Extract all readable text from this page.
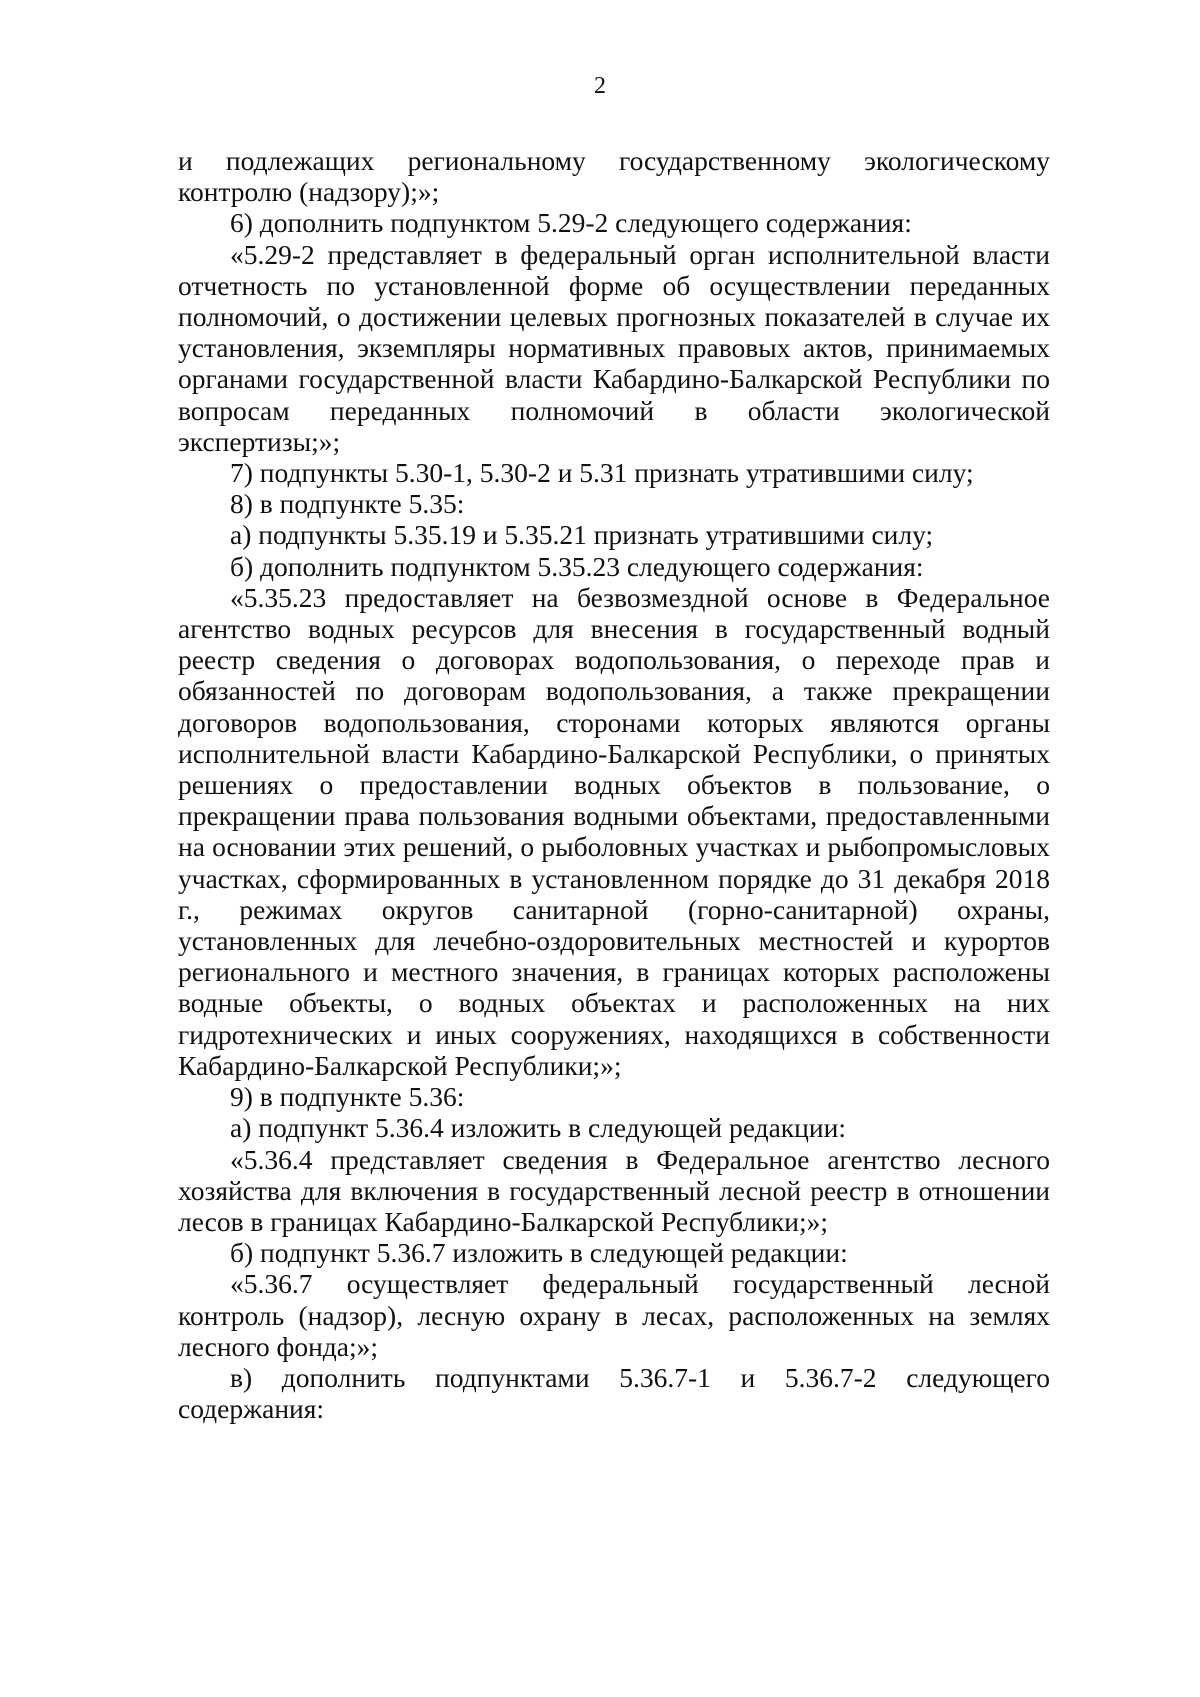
2

и подлежащих региональному государственному экологическому контролю (надзору);»;

6) дополнить подпунктом 5.29-2 следующего содержания:

«5.29-2 представляет в федеральный орган исполнительной власти отчетность по установленной форме об осуществлении переданных полномочий, о достижении целевых прогнозных показателей в случае их установления, экземпляры нормативных правовых актов, принимаемых органами государственной власти Кабардино-Балкарской Республики по вопросам переданных полномочий в области экологической экспертизы;»;

7) подпункты 5.30-1, 5.30-2 и 5.31 признать утратившими силу;

8) в подпункте 5.35:

а) подпункты 5.35.19 и 5.35.21 признать утратившими силу;

б) дополнить подпунктом 5.35.23 следующего содержания:

«5.35.23 предоставляет на безвозмездной основе в Федеральное агентство водных ресурсов для внесения в государственный водный реестр сведения о договорах водопользования, о переходе прав и обязанностей по договорам водопользования, а также прекращении договоров водопользования, сторонами которых являются органы исполнительной власти Кабардино-Балкарской Республики, о принятых решениях о предоставлении водных объектов в пользование, о прекращении права пользования водными объектами, предоставленными на основании этих решений, о рыболовных участках и рыбопромысловых участках, сформированных в установленном порядке до 31 декабря 2018 г., режимах округов санитарной (горно-санитарной) охраны, установленных для лечебно-оздоровительных местностей и курортов регионального и местного значения, в границах которых расположены водные объекты, о водных объектах и расположенных на них гидротехнических и иных сооружениях, находящихся в собственности Кабардино-Балкарской Республики;»;

9) в подпункте 5.36:

а) подпункт 5.36.4 изложить в следующей редакции:

«5.36.4 представляет сведения в Федеральное агентство лесного хозяйства для включения в государственный лесной реестр в отношении лесов в границах Кабардино-Балкарской Республики;»;

б) подпункт 5.36.7 изложить в следующей редакции:

«5.36.7 осуществляет федеральный государственный лесной контроль (надзор), лесную охрану в лесах, расположенных на землях лесного фонда;»;

в) дополнить подпунктами 5.36.7-1 и 5.36.7-2 следующего содержания:
